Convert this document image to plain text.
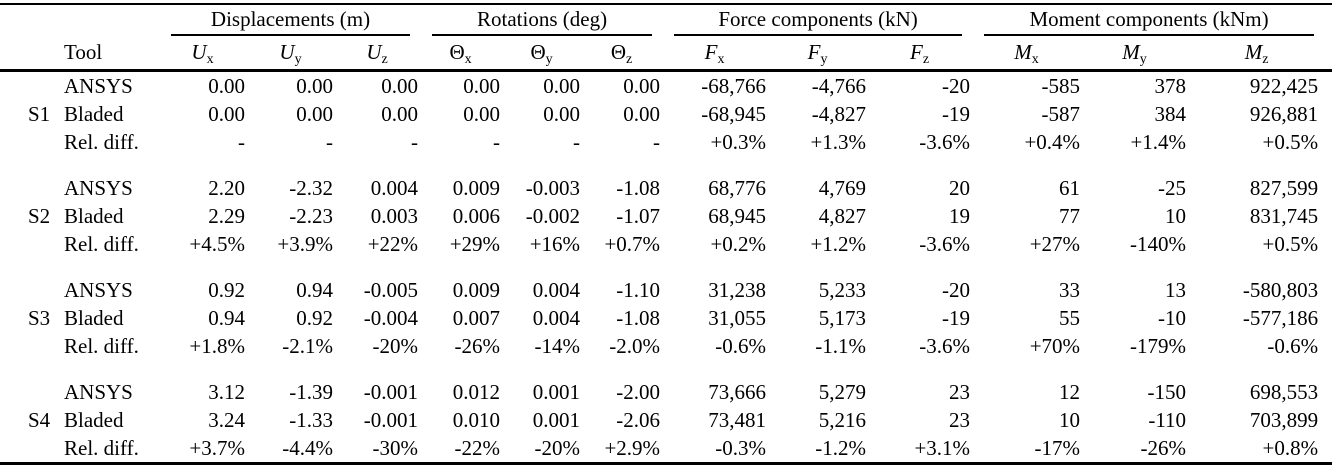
		Displacements (m)			Rotations (deg)			Force components (kN)			Moment components (kNm)		

	Tool	$U_x$	$U_y$	$U_z$	$\Theta_x$	$\Theta_y$	$\Theta_z$	$F_x$	$F_y$	$F_z$	$M_x$	$M_y$	$M_z$
S1	ANSYS	0.00	0.00	0.00	0.00	0.00	0.00	-68,766	-4,766	-20	-585	378	922,425
	Bladed	0.00	0.00	0.00	0.00	0.00	0.00	-68,945	-4,827	-19	-587	384	926,881
	Rel. diff.	-	-	-	-	-	-	+0.3%	+1.3%	-3.6%	+0.4%	+1.4%	+0.5%

S2	ANSYS	2.20	-2.32	0.004	0.009	-0.003	-1.08	68,776	4,769	20	61	-25	827,599
	Bladed	2.29	-2.23	0.003	0.006	-0.002	-1.07	68,945	4,827	19	77	10	831,745
	Rel. diff.	+4.5%	+3.9%	+22%	+29%	+16%	+0.7%	+0.2%	+1.2%	-3.6%	+27%	-140%	+0.5%

S3	ANSYS	0.92	0.94	-0.005	0.009	0.004	-1.10	31,238	5,233	-20	33	13	-580,803
	Bladed	0.94	0.92	-0.004	0.007	0.004	-1.08	31,055	5,173	-19	55	-10	-577,186
	Rel. diff.	+1.8%	-2.1%	-20%	-26%	-14%	-2.0%	-0.6%	-1.1%	-3.6%	+70%	-179%	-0.6%

S4	ANSYS	3.12	-1.39	-0.001	0.012	0.001	-2.00	73,666	5,279	23	12	-150	698,553
	Bladed	3.24	-1.33	-0.001	0.010	0.001	-2.06	73,481	5,216	23	10	-110	703,899
	Rel. diff.	+3.7%	-4.4%	-30%	-22%	-20%	+2.9%	-0.3%	-1.2%	+3.1%	-17%	-26%	+0.8%
